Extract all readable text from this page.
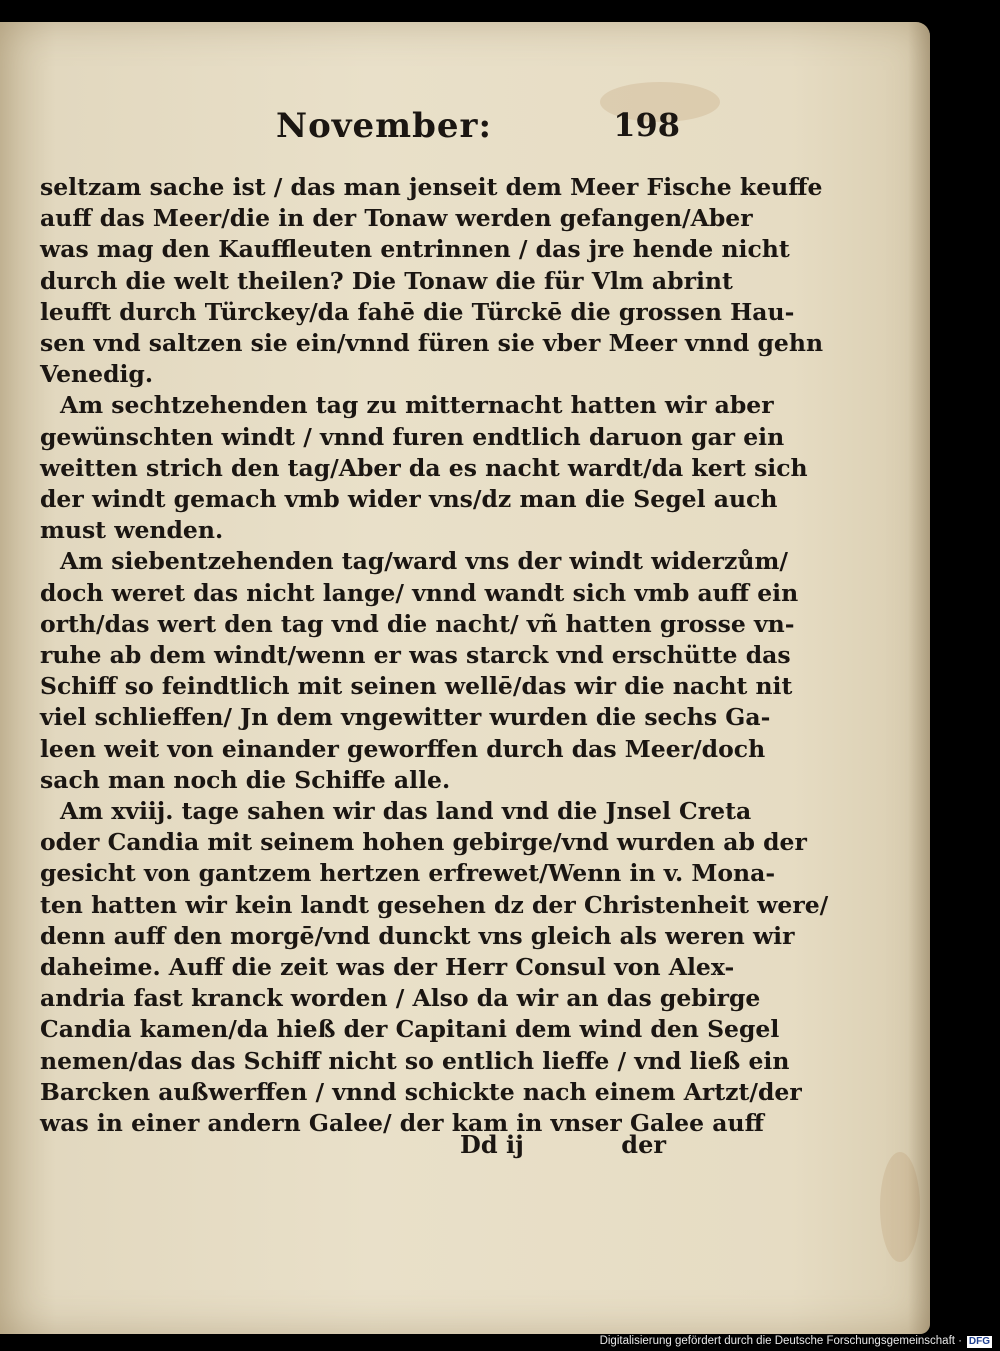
November:	198
seltzam sache ist / das man jenseit dem Meer Fische keuffe
auff das Meer/die in der Tonaw werden gefangen/Aber
was mag den Kauffleuten entrinnen / das jre hende nicht
durch die welt theilen? Die Tonaw die für Vlm abrint
leufft durch Türckey/da fahē die Türckē die grossen Hau-
sen vnd saltzen sie ein/vnnd füren sie vber Meer vnnd gehn
Venedig.
Am sechtzehenden tag zu mitternacht hatten wir aber
gewünschten windt / vnnd furen endtlich daruon gar ein
weitten strich den tag/Aber da es nacht wardt/da kert sich
der windt gemach vmb wider vns/dz man die Segel auch
must wenden.
Am siebentzehenden tag/ward vns der windt widerzům/
doch weret das nicht lange/ vnnd wandt sich vmb auff ein
orth/das wert den tag vnd die nacht/ vñ hatten grosse vn-
ruhe ab dem windt/wenn er was starck vnd erschütte das
Schiff so feindtlich mit seinen wellē/das wir die nacht nit
viel schlieffen/ Jn dem vngewitter wurden die sechs Ga-
leen weit von einander geworffen durch das Meer/doch
sach man noch die Schiffe alle.
Am xviij. tage sahen wir das land vnd die Jnsel Creta
oder Candia mit seinem hohen gebirge/vnd wurden ab der
gesicht von gantzem hertzen erfrewet/Wenn in v. Mona-
ten hatten wir kein landt gesehen dz der Christenheit were/
denn auff den morgē/vnd dunckt vns gleich als weren wir
daheime. Auff die zeit was der Herr Consul von Alex-
andria fast kranck worden / Also da wir an das gebirge
Candia kamen/da hieß der Capitani dem wind den Segel
nemen/das das Schiff nicht so entlich lieffe / vnd ließ ein
Barcken außwerffen / vnnd schickte nach einem Artzt/der
was in einer andern Galee/ der kam in vnser Galee auff
Dd ij	der
Digitalisierung gefördert durch die Deutsche Forschungsgemeinschaft · DFG
